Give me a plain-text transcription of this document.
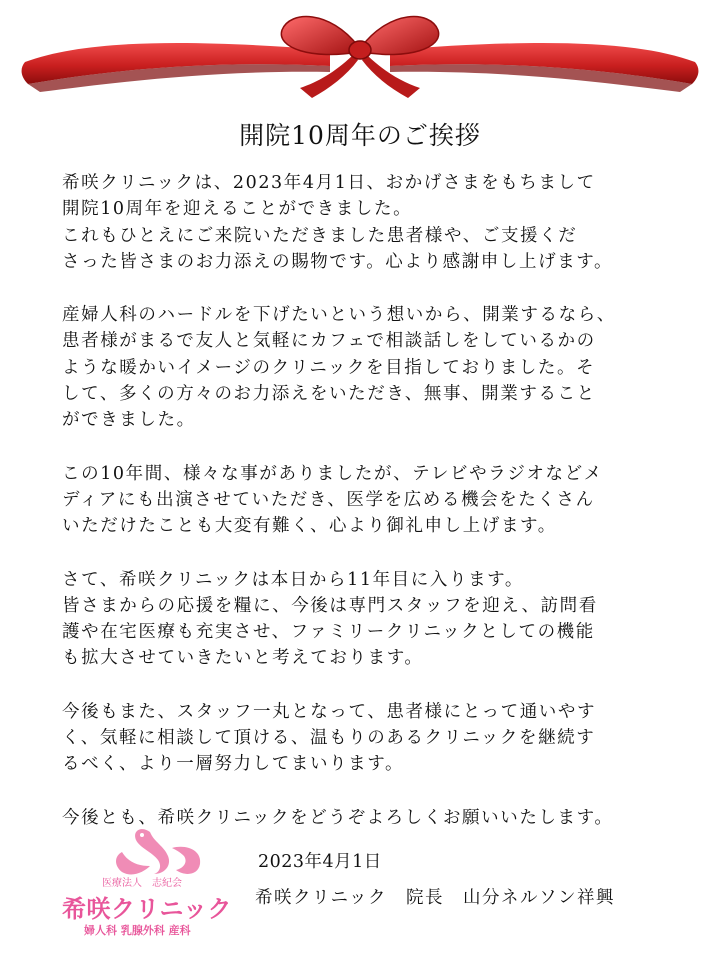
開院10周年のご挨拶
希咲クリニックは、2023年4月1日、おかげさまをもちまして
開院10周年を迎えることができました。
これもひとえにご来院いただきました患者様や、ご支援くだ
さった皆さまのお力添えの賜物です。心より感謝申し上げます。
産婦人科のハードルを下げたいという想いから、開業するなら、
患者様がまるで友人と気軽にカフェで相談話しをしているかの
ような暖かいイメージのクリニックを目指しておりました。そ
して、多くの方々のお力添えをいただき、無事、開業すること
ができました。
この10年間、様々な事がありましたが、テレビやラジオなどメ
ディアにも出演させていただき、医学を広める機会をたくさん
いただけたことも大変有難く、心より御礼申し上げます。
さて、希咲クリニックは本日から11年目に入ります。
皆さまからの応援を糧に、今後は専門スタッフを迎え、訪問看
護や在宅医療も充実させ、ファミリークリニックとしての機能
も拡大させていきたいと考えております。
今後もまた、スタッフ一丸となって、患者様にとって通いやす
く、気軽に相談して頂ける、温もりのあるクリニックを継続す
るべく、より一層努力してまいります。
今後とも、希咲クリニックをどうぞよろしくお願いいたします。
医療法人　志紀会
希咲クリニック
婦人科 乳腺外科 産科
2023年4月1日
希咲クリニック　院長　山分ネルソン祥興
